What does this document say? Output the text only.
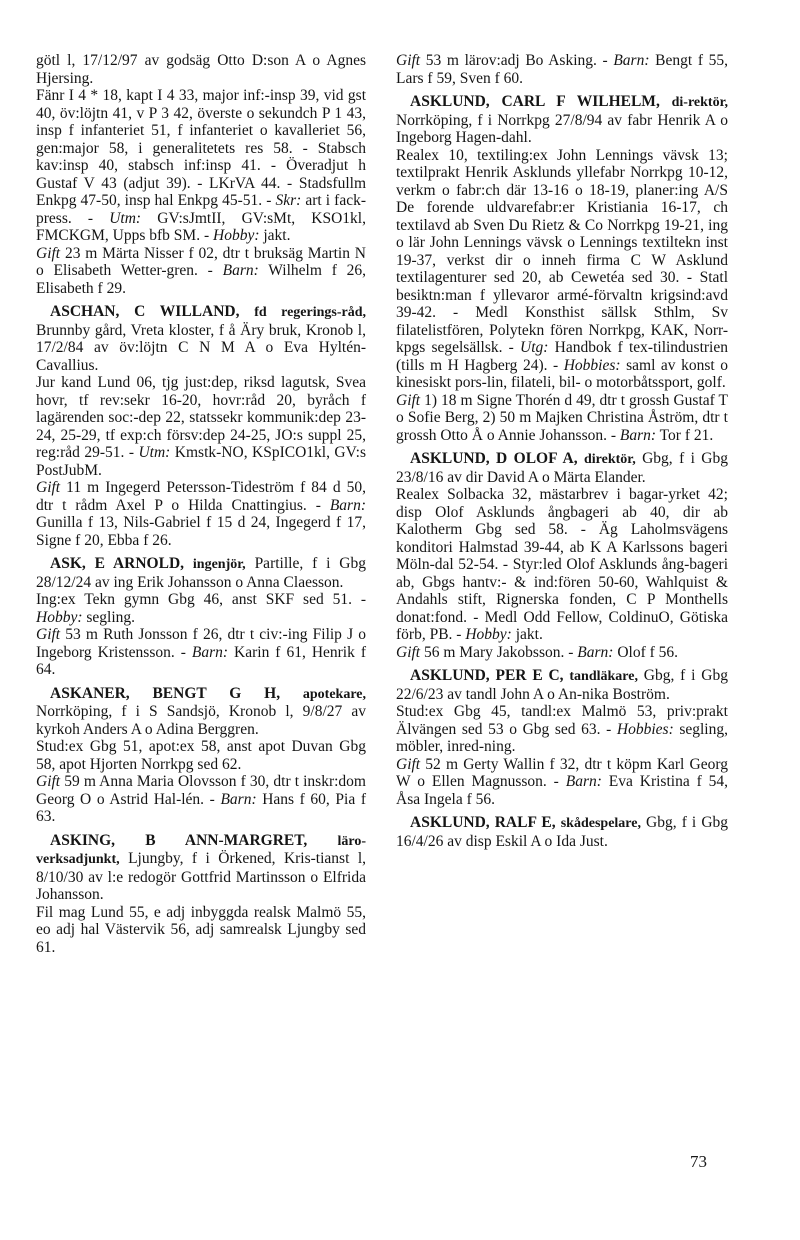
götl l, 17/12/97 av godsäg Otto D:son A o Agnes Hjersing.

Fänr I 4 * 18, kapt I 4 33, major inf:-insp 39, vid gst 40, öv:löjtn 41, v P 3 42, överste o sekundch P 1 43, insp f infanteriet 51, f infanteriet o kavalleriet 56, gen:major 58, i generalitetets res 58. - Stabsch kav:insp 40, stabsch inf:insp 41. - Överadjut h Gustaf V 43 (adjut 39). - LKrVA 44. - Stadsfullm Enkpg 47-50, insp hal Enkpg 45-51. - Skr: art i fack-press. - Utm: GV:sJmtII, GV:sMt, KSO1kl, FMCKGM, Upps bfb SM. - Hobby: jakt.

Gift 23 m Märta Nisser f 02, dtr t bruksäg Martin N o Elisabeth Wetter-gren. - Barn: Wilhelm f 26, Elisabeth f 29.

ASCHAN, C WILLAND, fd regerings-råd, Brunnby gård, Vreta kloster, f å Äry bruk, Kronob l, 17/2/84 av öv:löjtn C N M A o Eva Hyltén-Cavallius.

Jur kand Lund 06, tjg just:dep, riksd lagutsk, Svea hovr, tf rev:sekr 16-20, hovr:råd 20, byråch f lagärenden soc:-dep 22, statssekr kommunik:dep 23-24, 25-29, tf exp:ch försv:dep 24-25, JO:s suppl 25, reg:råd 29-51. - Utm: Kmstk-NO, KSpICO1kl, GV:s PostJubM.

Gift 11 m Ingegerd Petersson-Tideström f 84 d 50, dtr t rådm Axel P o Hilda Cnattingius. - Barn: Gunilla f 13, Nils-Gabriel f 15 d 24, Ingegerd f 17, Signe f 20, Ebba f 26.

ASK, E ARNOLD, ingenjör, Partille, f i Gbg 28/12/24 av ing Erik Johansson o Anna Claesson.

Ing:ex Tekn gymn Gbg 46, anst SKF sed 51. - Hobby: segling.

Gift 53 m Ruth Jonsson f 26, dtr t civ:-ing Filip J o Ingeborg Kristensson. - Barn: Karin f 61, Henrik f 64.

ASKANER, BENGT G H, apotekare, Norrköping, f i S Sandsjö, Kronob l, 9/8/27 av kyrkoh Anders A o Adina Berggren.

Stud:ex Gbg 51, apot:ex 58, anst apot Duvan Gbg 58, apot Hjorten Norrkpg sed 62.

Gift 59 m Anna Maria Olovsson f 30, dtr t inskr:dom Georg O o Astrid Hal-lén. - Barn: Hans f 60, Pia f 63.

ASKING, B ANN-MARGRET, läro-verksadjunkt, Ljungby, f i Örkened, Kris-tianst l, 8/10/30 av l:e redogör Gottfrid Martinsson o Elfrida Johansson.

Fil mag Lund 55, e adj inbyggda realsk Malmö 55, eo adj hal Västervik 56, adj samrealsk Ljungby sed 61.

Gift 53 m lärov:adj Bo Asking. - Barn: Bengt f 55, Lars f 59, Sven f 60.

ASKLUND, CARL F WILHELM, di-rektör, Norrköping, f i Norrkpg 27/8/94 av fabr Henrik A o Ingeborg Hagen-dahl.

Realex 10, textiling:ex John Lennings vävsk 13; textilprakt Henrik Asklunds yllefabr Norrkpg 10-12, verkm o fabr:ch där 13-16 o 18-19, planer:ing A/S De forende uldvarefabr:er Kristiania 16-17, ch textilavd ab Sven Du Rietz & Co Norrkpg 19-21, ing o lär John Lennings vävsk o Lennings textiltekn inst 19-37, verkst dir o inneh firma C W Asklund textilagenturer sed 20, ab Cewetéa sed 30. - Statl besiktn:man f yllevaror armé-förvaltn krigsind:avd 39-42. - Medl Konsthist sällsk Sthlm, Sv filatelistfören, Polytekn fören Norrkpg, KAK, Norr-kpgs segelsällsk. - Utg: Handbok f tex-tilindustrien (tills m H Hagberg 24). - Hobbies: saml av konst o kinesiskt pors-lin, filateli, bil- o motorbåtssport, golf.

Gift 1) 18 m Signe Thorén d 49, dtr t grossh Gustaf T o Sofie Berg, 2) 50 m Majken Christina Åström, dtr t grossh Otto Å o Annie Johansson. - Barn: Tor f 21.

ASKLUND, D OLOF A, direktör, Gbg, f i Gbg 23/8/16 av dir David A o Märta Elander.

Realex Solbacka 32, mästarbrev i bagar-yrket 42; disp Olof Asklunds ångbageri ab 40, dir ab Kalotherm Gbg sed 58. - Äg Laholmsvägens konditori Halmstad 39-44, ab K A Karlssons bageri Möln-dal 52-54. - Styr:led Olof Asklunds ång-bageri ab, Gbgs hantv:- & ind:fören 50-60, Wahlquist & Andahls stift, Rignerska fonden, C P Monthells donat:fond. - Medl Odd Fellow, ColdinuO, Götiska förb, PB. - Hobby: jakt.

Gift 56 m Mary Jakobsson. - Barn: Olof f 56.

ASKLUND, PER E C, tandläkare, Gbg, f i Gbg 22/6/23 av tandl John A o An-nika Boström.

Stud:ex Gbg 45, tandl:ex Malmö 53, priv:prakt Älvängen sed 53 o Gbg sed 63. - Hobbies: segling, möbler, inred-ning.

Gift 52 m Gerty Wallin f 32, dtr t köpm Karl Georg W o Ellen Magnusson. - Barn: Eva Kristina f 54, Åsa Ingela f 56.

ASKLUND, RALF E, skådespelare, Gbg, f i Gbg 16/4/26 av disp Eskil A o Ida Just.

73
